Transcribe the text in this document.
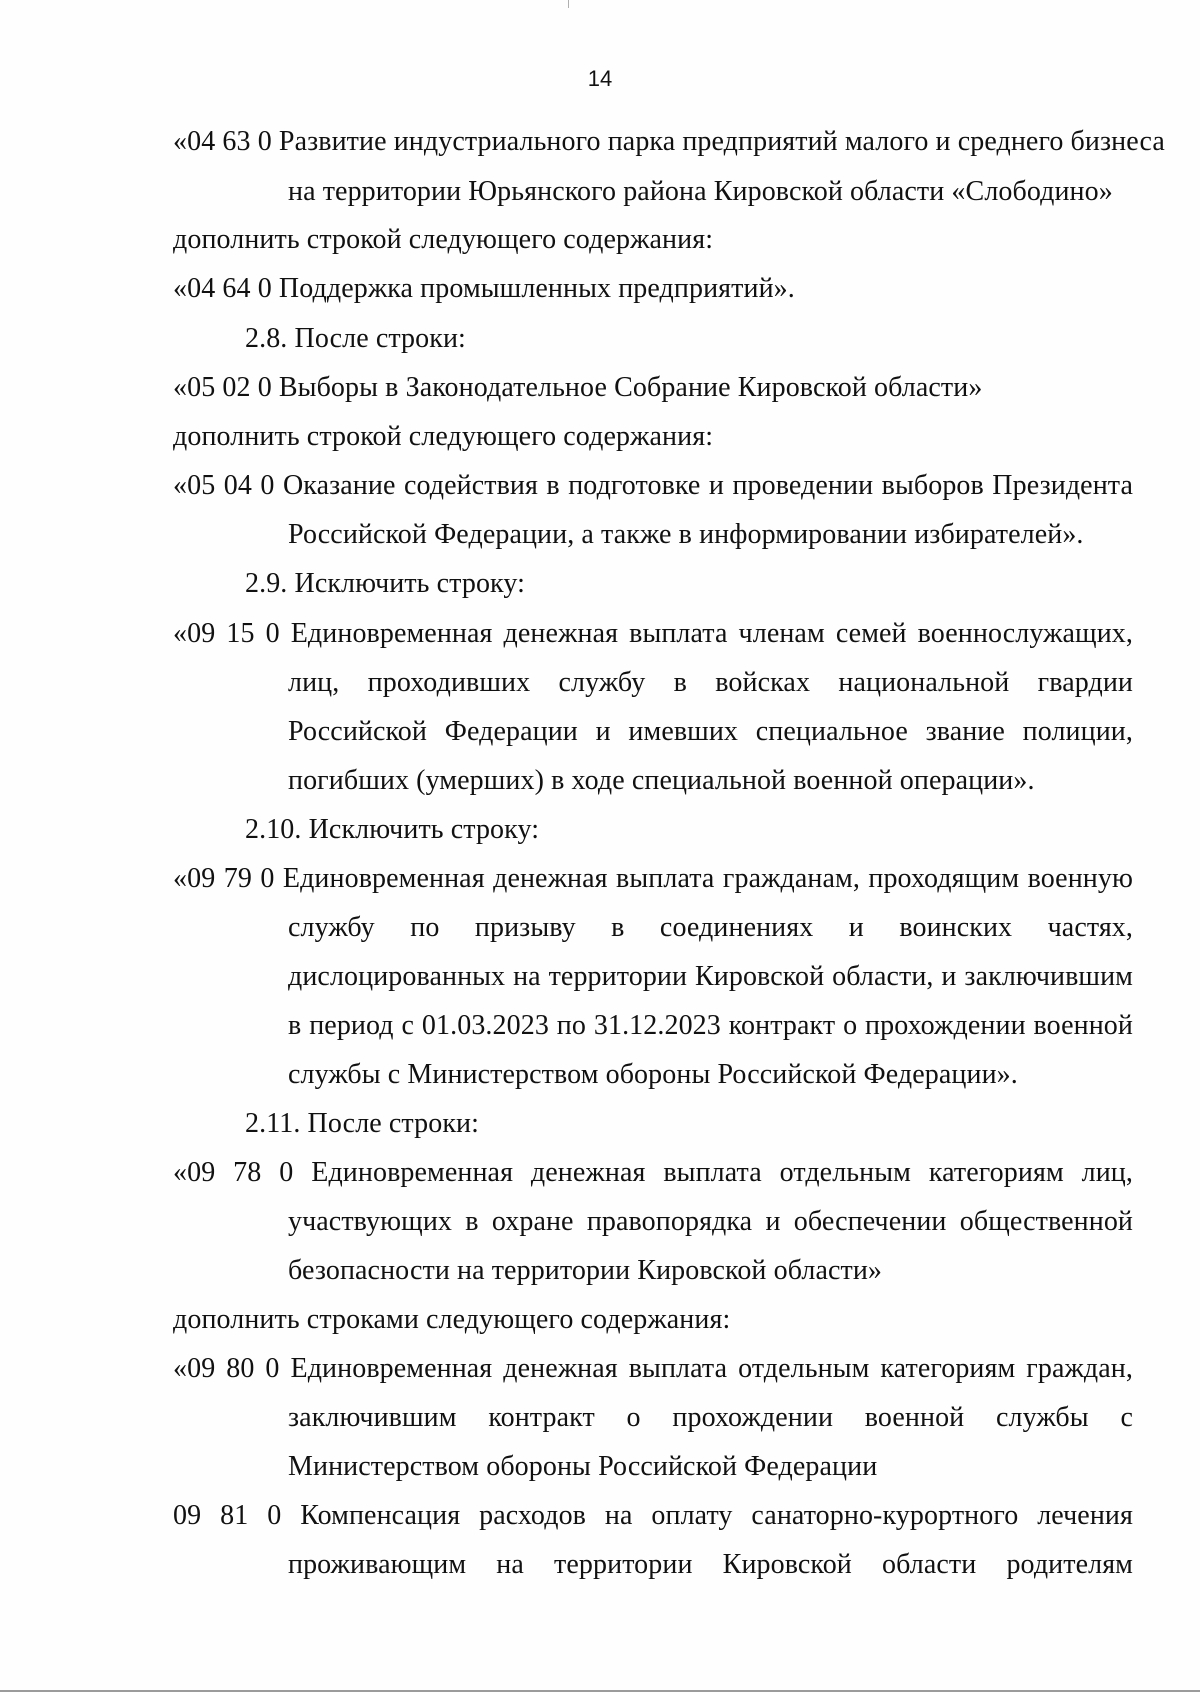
14
«04 63 0 Развитие индустриального парка предприятий малого и среднего бизнеса
на территории Юрьянского района Кировской области «Слободино»
дополнить строкой следующего содержания:
«04 64 0 Поддержка промышленных предприятий».
2.8. После строки:
«05 02 0 Выборы в Законодательное Собрание Кировской области»
дополнить строкой следующего содержания:
«05 04 0 Оказание содействия в подготовке и проведении выборов Президента
Российской Федерации, а также в информировании избирателей».
2.9. Исключить строку:
«09 15 0 Единовременная денежная выплата членам семей военнослужащих,
лиц, проходивших службу в войсках национальной гвардии
Российской Федерации и имевших специальное звание полиции,
погибших (умерших) в ходе специальной военной операции».
2.10. Исключить строку:
«09 79 0 Единовременная денежная выплата гражданам, проходящим военную
службу по призыву в соединениях и воинских частях,
дислоцированных на территории Кировской области, и заключившим
в период с 01.03.2023 по 31.12.2023 контракт о прохождении военной
службы с Министерством обороны Российской Федерации».
2.11. После строки:
«09 78 0 Единовременная денежная выплата отдельным категориям лиц,
участвующих в охране правопорядка и обеспечении общественной
безопасности на территории Кировской области»
дополнить строками следующего содержания:
«09 80 0 Единовременная денежная выплата отдельным категориям граждан,
заключившим контракт о прохождении военной службы с
Министерством обороны Российской Федерации
09 81 0 Компенсация расходов на оплату санаторно-курортного лечения
проживающим на территории Кировской области родителям
